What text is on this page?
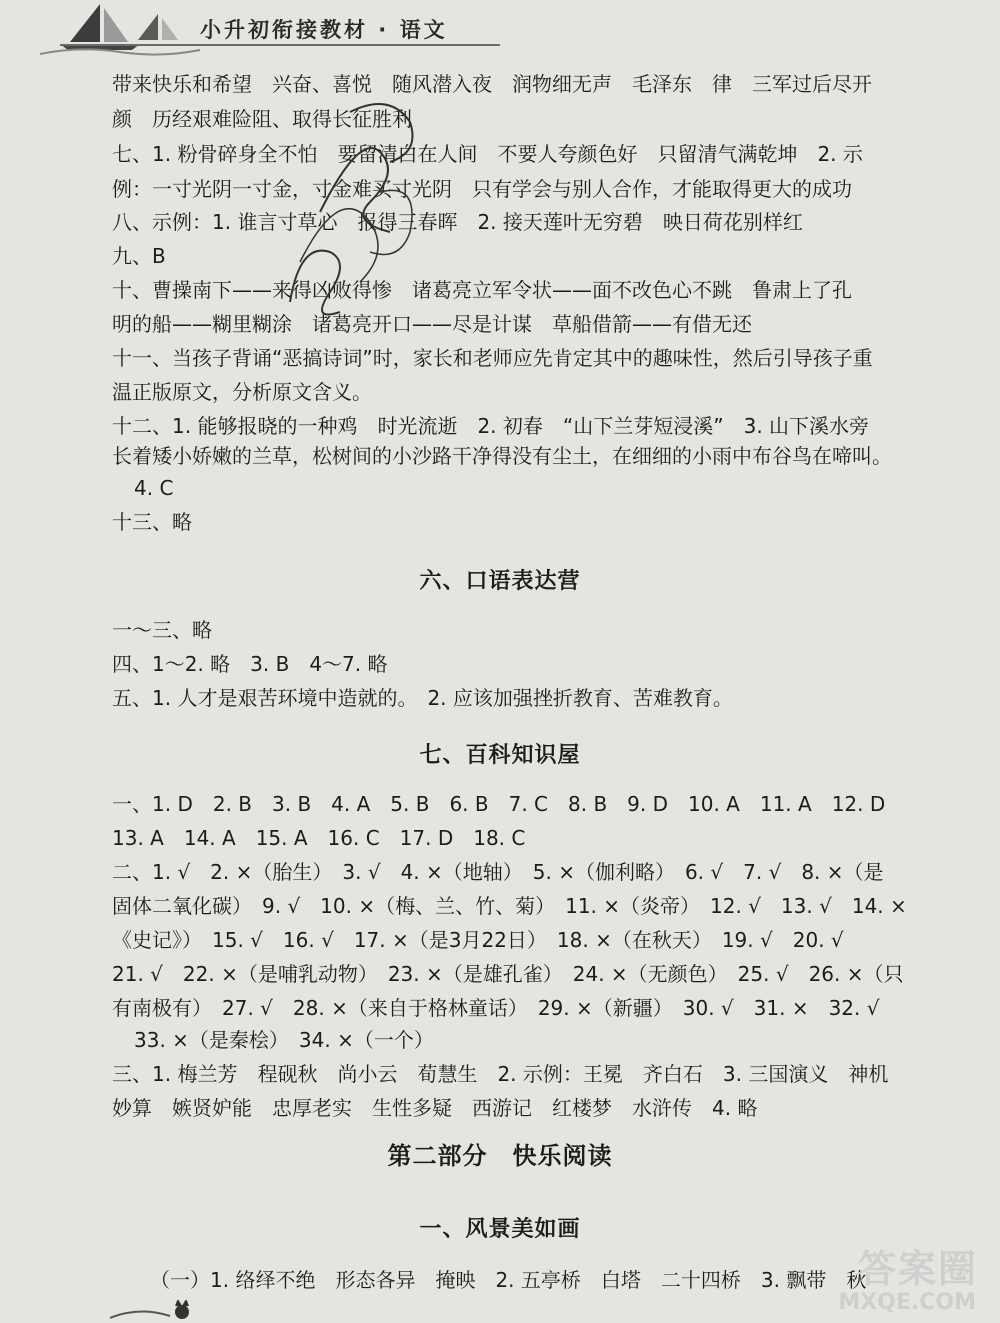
小升初衔接教材 · 语文
带来快乐和希望　兴奋、喜悦　随风潜入夜　润物细无声　毛泽东　律　三军过后尽开
颜　历经艰难险阻、取得长征胜利
七、1. 粉骨碎身全不怕　要留清白在人间　不要人夸颜色好　只留清气满乾坤　2. 示
例：一寸光阴一寸金，寸金难买寸光阴　只有学会与别人合作，才能取得更大的成功
八、示例：1. 谁言寸草心　报得三春晖　2. 接天莲叶无穷碧　映日荷花别样红
九、B
十、曹操南下——来得凶败得惨　诸葛亮立军令状——面不改色心不跳　鲁肃上了孔
明的船——糊里糊涂　诸葛亮开口——尽是计谋　草船借箭——有借无还
十一、当孩子背诵“恶搞诗词”时，家长和老师应先肯定其中的趣味性，然后引导孩子重
温正版原文，分析原文含义。
十二、1. 能够报晓的一种鸡　时光流逝　2. 初春　“山下兰芽短浸溪”　3. 山下溪水旁
长着矮小娇嫩的兰草，松树间的小沙路干净得没有尘土，在细细的小雨中布谷鸟在啼叫。
4. C
十三、略
六、口语表达营
一～三、略
四、1～2. 略　3. B　4～7. 略
五、1. 人才是艰苦环境中造就的。　2. 应该加强挫折教育、苦难教育。
七、百科知识屋
一、1. D　2. B　3. B　4. A　5. B　6. B　7. C　8. B　9. D　10. A　11. A　12. D
13. A　14. A　15. A　16. C　17. D　18. C
二、1. √　2. ×（胎生）　3. √　4. ×（地轴）　5. ×（伽利略）　6. √　7. √　8. ×（是
固体二氧化碳）　9. √　10. ×（梅、兰、竹、菊）　11. ×（炎帝）　12. √　13. √　14. ×
《史记》）　15. √　16. √　17. ×（是3月22日）　18. ×（在秋天）　19. √　20. √
21. √　22. ×（是哺乳动物）　23. ×（是雄孔雀）　24. ×（无颜色）　25. √　26. ×（只
有南极有）　27. √　28. ×（来自于格林童话）　29. ×（新疆）　30. √　31. ×　32. √
33. ×（是秦桧）　34. ×（一个）
三、1. 梅兰芳　程砚秋　尚小云　荀慧生　2. 示例：王冕　齐白石　3. 三国演义　神机
妙算　嫉贤妒能　忠厚老实　生性多疑　西游记　红楼梦　水浒传　4. 略
第二部分　快乐阅读
一、风景美如画
（一）1. 络绎不绝　形态各异　掩映　2. 五亭桥　白塔　二十四桥　3. 飘带　秋
答案圈
MXQE.COM
